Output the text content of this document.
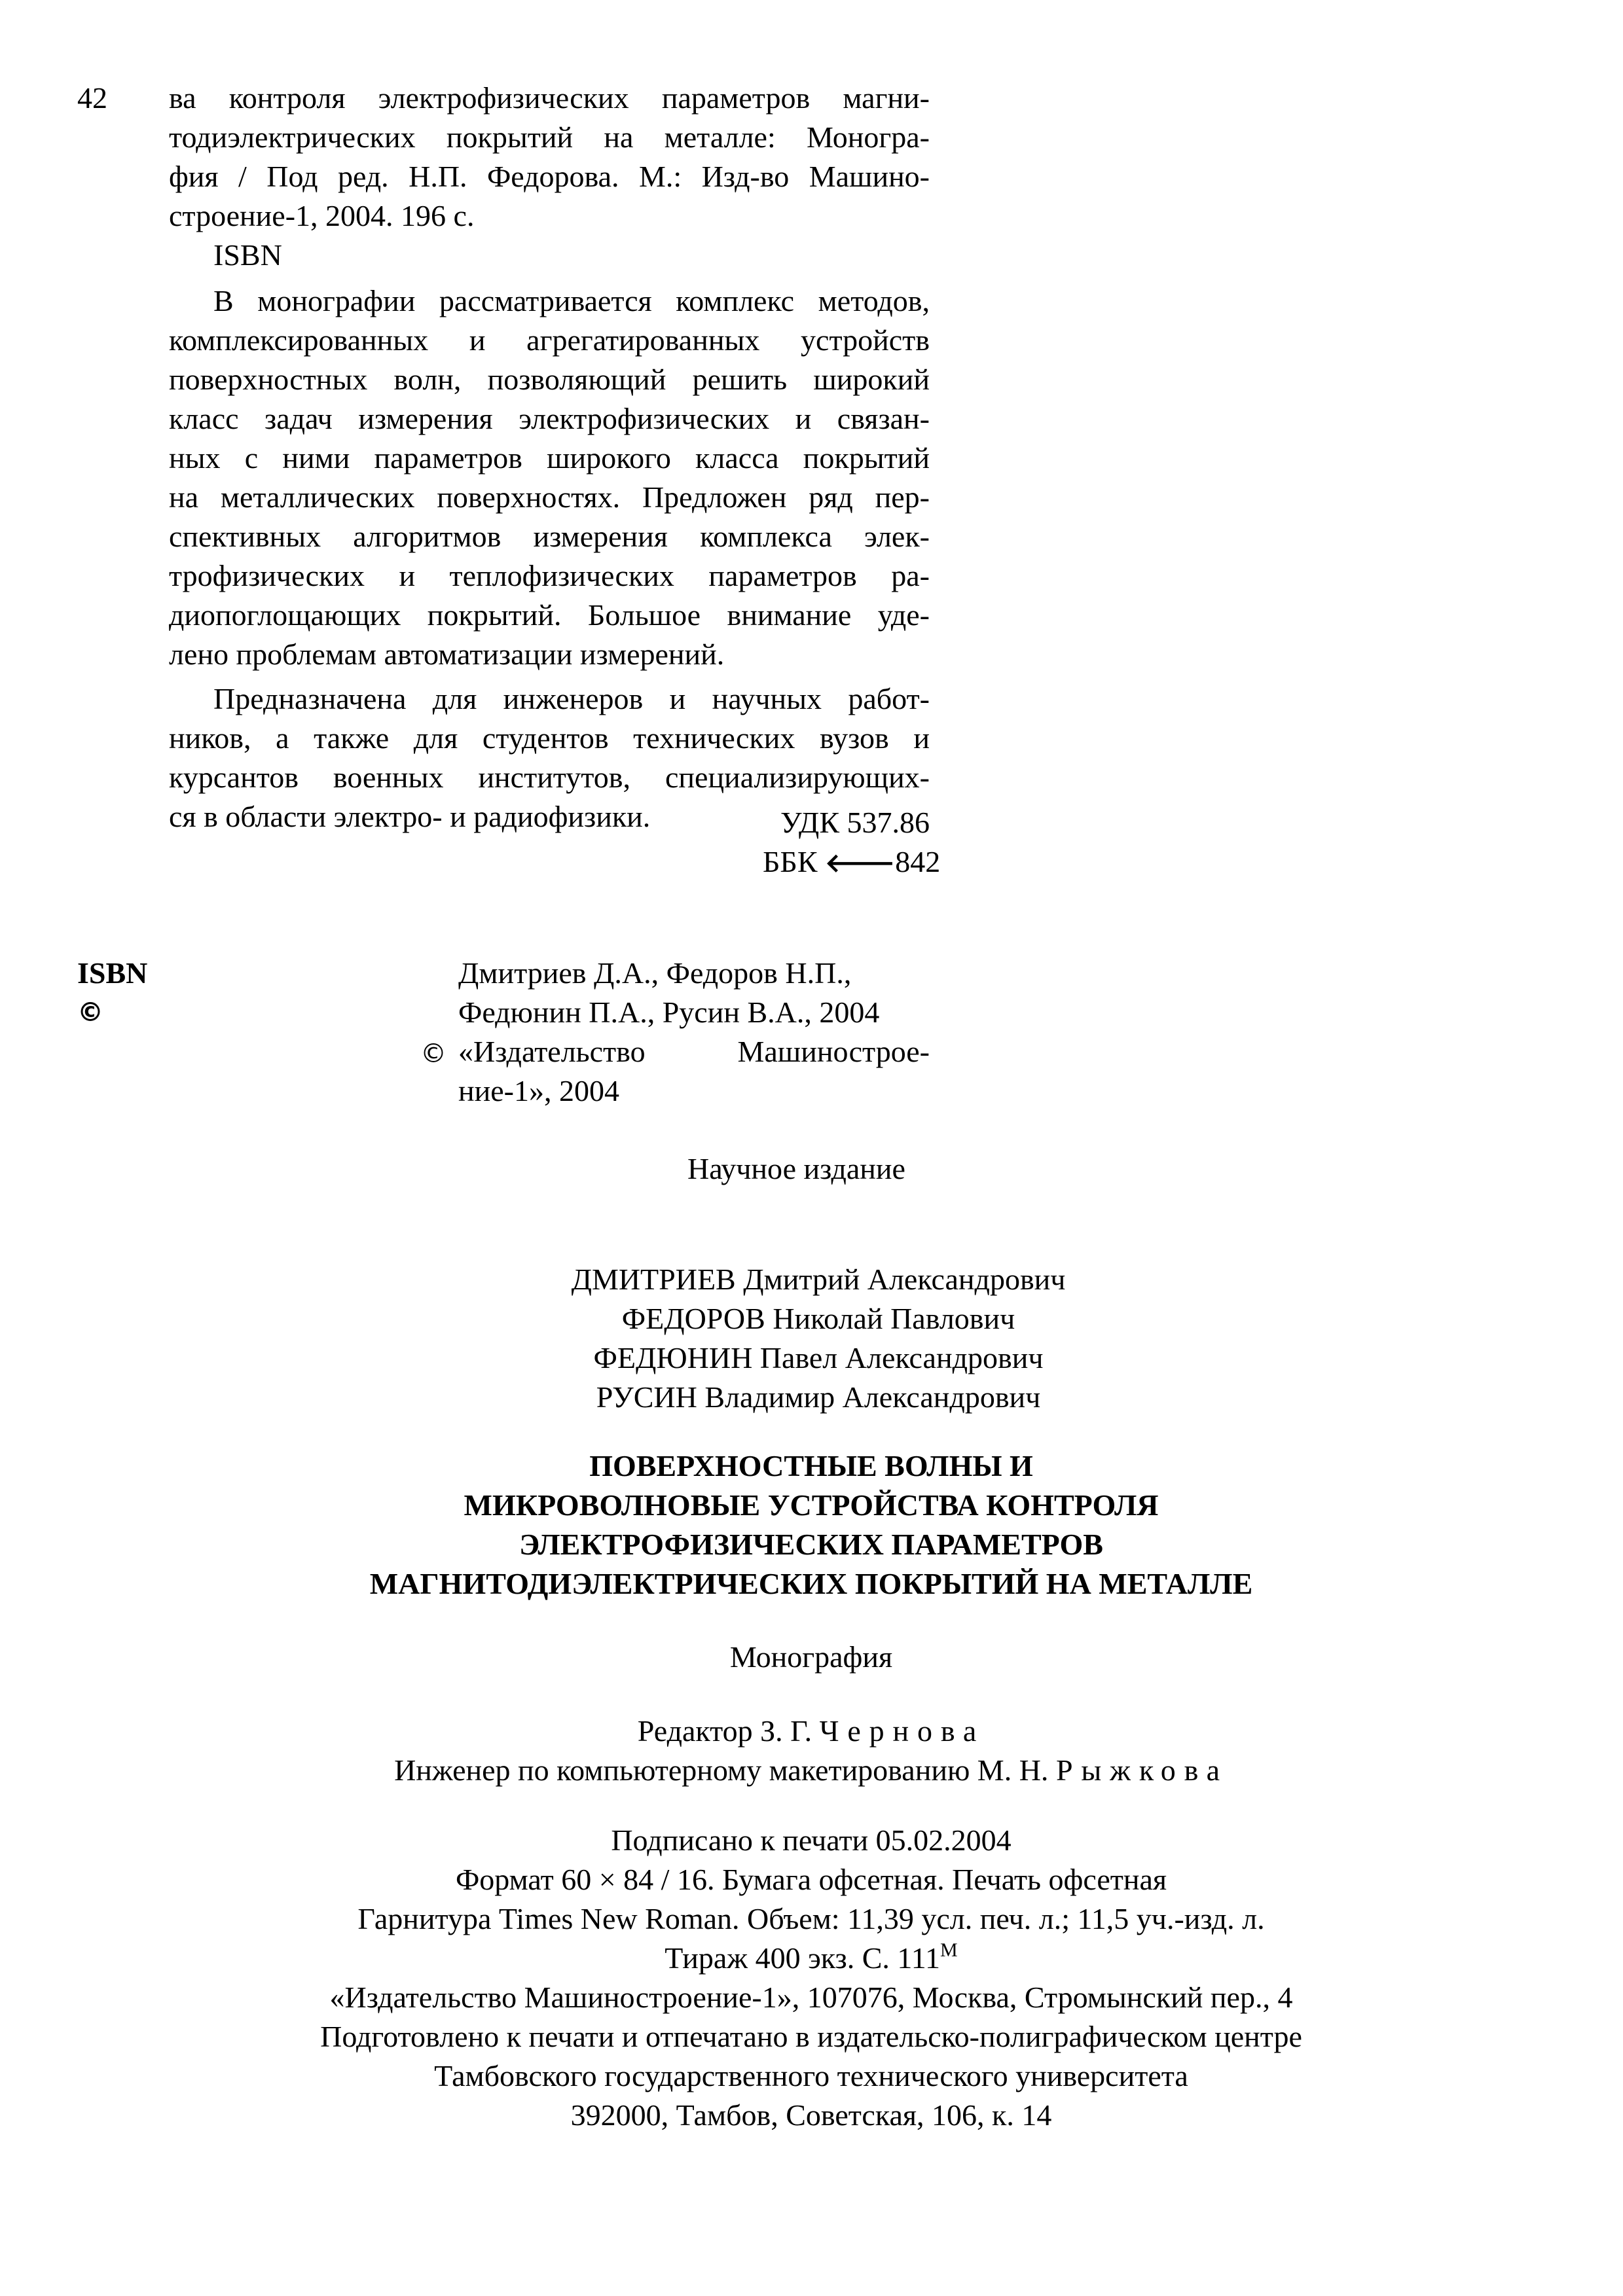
42 ва контроля электрофизических параметров магни-
тодиэлектрических покрытий на металле: Моногра-
фия / Под ред. Н.П. Федорова. М.: Изд-во Машино-
строение-1, 2004. 196 с.
ISBN
В монографии рассматривается комплекс методов,
комплексированных и агрегатированных устройств
поверхностных волн, позволяющий решить широкий
класс задач измерения электрофизических и связан-
ных с ними параметров широкого класса покрытий
на металлических поверхностях. Предложен ряд пер-
спективных алгоритмов измерения комплекса элек-
трофизических и теплофизических параметров ра-
диопоглощающих покрытий. Большое внимание уде-
лено проблемам автоматизации измерений.
Предназначена для инженеров и научных работ-
ников, а также для студентов технических вузов и
курсантов военных институтов, специализирующих-
ся в области электро- и радиофизики.	УДК 537.86
ББК 🡐842
ISBN
©
Дмитриев Д.А., Федоров Н.П.,
Федюнин П.А., Русин В.А., 2004
© «Издательство Машинострое-
ние-1», 2004
Научное издание
ДМИТРИЕВ Дмитрий Александрович
ФЕДОРОВ Николай Павлович
ФЕДЮНИН Павел Александрович
РУСИН Владимир Александрович
ПОВЕРХНОСТНЫЕ ВОЛНЫ И
МИКРОВОЛНОВЫЕ УСТРОЙСТВА КОНТРОЛЯ
ЭЛЕКТРОФИЗИЧЕСКИХ ПАРАМЕТРОВ
МАГНИТОДИЭЛЕКТРИЧЕСКИХ ПОКРЫТИЙ НА МЕТАЛЛЕ
Монография
Редактор З. Г. Чернова
Инженер по компьютерному макетированию М. Н. Рыжкова
Подписано к печати 05.02.2004
Формат 60 × 84 / 16. Бумага офсетная. Печать офсетная
Гарнитура Times New Roman. Объем: 11,39 усл. печ. л.; 11,5 уч.-изд. л.
Тираж 400 экз. С. $111^M$
«Издательство Машиностроение-1», 107076, Москва, Стромынский пер., 4
Подготовлено к печати и отпечатано в издательско-полиграфическом центре
Тамбовского государственного технического университета
392000, Тамбов, Советская, 106, к. 14
